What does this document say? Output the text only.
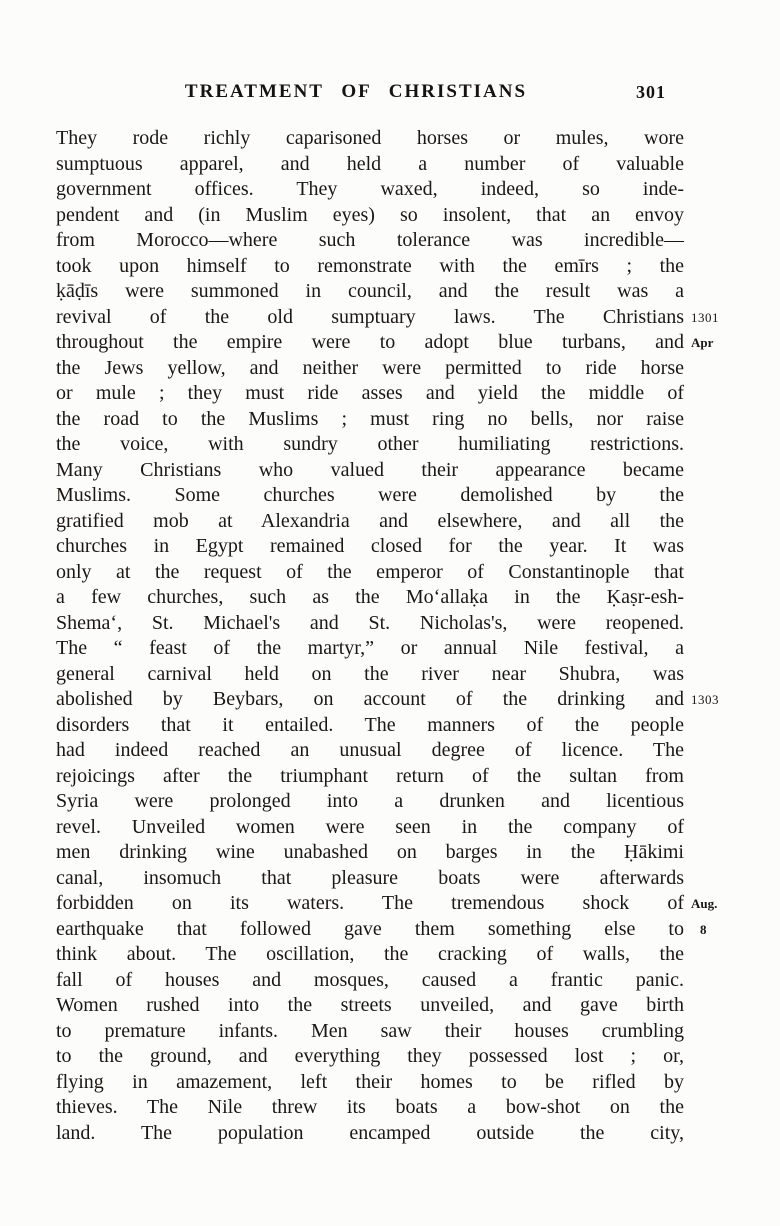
TREATMENT OF CHRISTIANS	301
They rode richly caparisoned horses or mules, wore
sumptuous apparel, and held a number of valuable
government offices. They waxed, indeed, so inde-
pendent and (in Muslim eyes) so insolent, that an envoy
from Morocco—where such tolerance was incredible—
took upon himself to remonstrate with the emīrs ; the
ḳāḍīs were summoned in council, and the result was a
revival of the old sumptuary laws. The Christians
throughout the empire were to adopt blue turbans, and
the Jews yellow, and neither were permitted to ride horse
or mule ; they must ride asses and yield the middle of
the road to the Muslims ; must ring no bells, nor raise
the voice, with sundry other humiliating restrictions.
Many Christians who valued their appearance became
Muslims. Some churches were demolished by the
gratified mob at Alexandria and elsewhere, and all the
churches in Egypt remained closed for the year. It was
only at the request of the emperor of Constantinople that
a few churches, such as the Mo‘allaḳa in the Ḳaṣr-esh-
Shema‘, St. Michael's and St. Nicholas's, were reopened.
The “ feast of the martyr,” or annual Nile festival, a
general carnival held on the river near Shubra, was
abolished by Beybars, on account of the drinking and
disorders that it entailed. The manners of the people
had indeed reached an unusual degree of licence. The
rejoicings after the triumphant return of the sultan from
Syria were prolonged into a drunken and licentious
revel. Unveiled women were seen in the company of
men drinking wine unabashed on barges in the Ḥākimi
canal, insomuch that pleasure boats were afterwards
forbidden on its waters. The tremendous shock of
earthquake that followed gave them something else to
think about. The oscillation, the cracking of walls, the
fall of houses and mosques, caused a frantic panic.
Women rushed into the streets unveiled, and gave birth
to premature infants. Men saw their houses crumbling
to the ground, and everything they possessed lost ; or,
flying in amazement, left their homes to be rifled by
thieves. The Nile threw its boats a bow-shot on the
land. The population encamped outside the city,
1301
Apr
1303
Aug.
8
